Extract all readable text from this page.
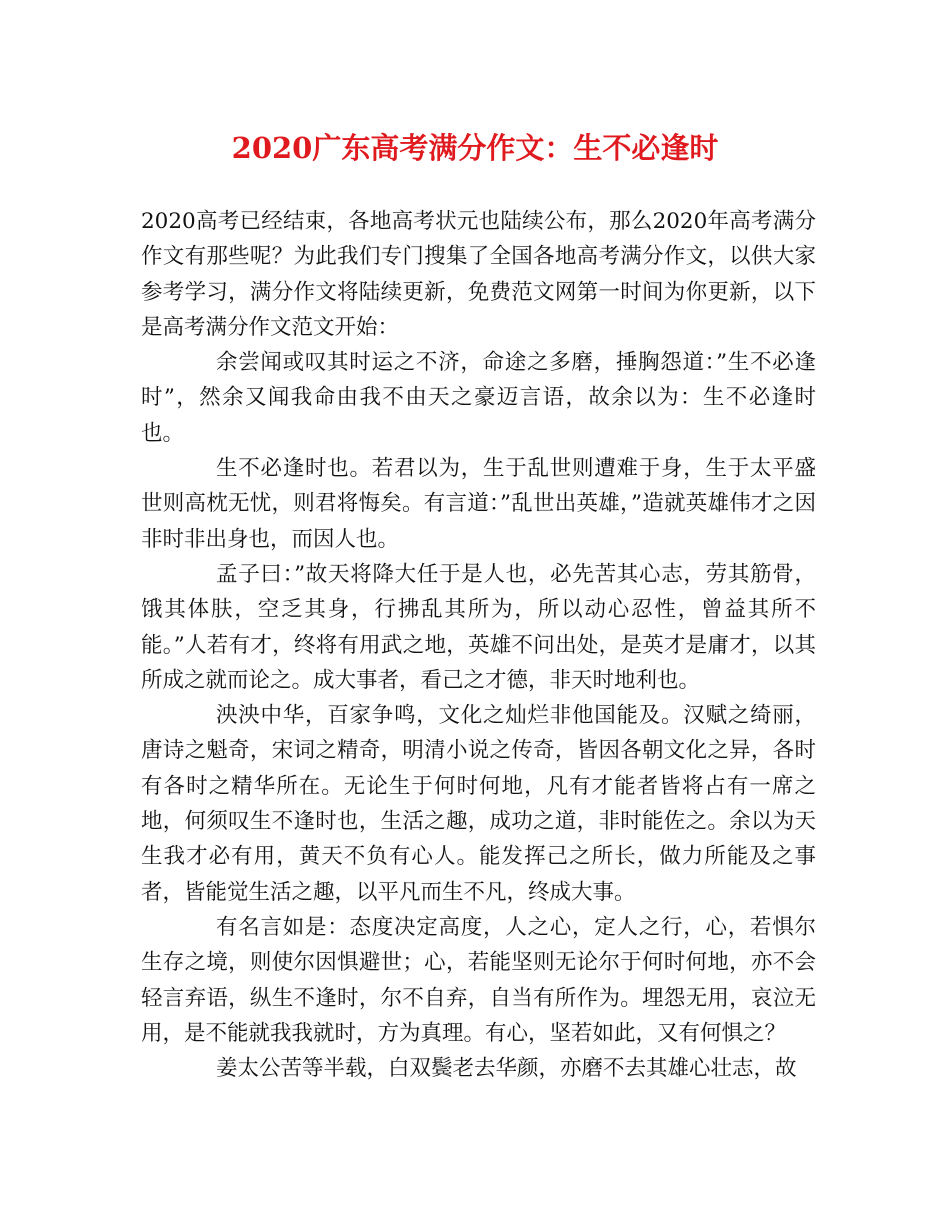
2020广东高考满分作文：生不必逢时

2020高考已经结束，各地高考状元也陆续公布，那么2020年高考满分作文有那些呢？为此我们专门搜集了全国各地高考满分作文，以供大家参考学习，满分作文将陆续更新，免费范文网第一时间为你更新，以下是高考满分作文范文开始：

余尝闻或叹其时运之不济，命途之多磨，捶胸怨道：”生不必逢时”，然余又闻我命由我不由天之豪迈言语，故余以为：生不必逢时也。

生不必逢时也。若君以为，生于乱世则遭难于身，生于太平盛世则高枕无忧，则君将悔矣。有言道：”乱世出英雄，”造就英雄伟才之因非时非出身也，而因人也。

孟子曰：”故天将降大任于是人也，必先苦其心志，劳其筋骨，饿其体肤，空乏其身，行拂乱其所为，所以动心忍性，曾益其所不能。”人若有才，终将有用武之地，英雄不问出处，是英才是庸才，以其所成之就而论之。成大事者，看己之才德，非天时地利也。

泱泱中华，百家争鸣，文化之灿烂非他国能及。汉赋之绮丽，唐诗之魁奇，宋词之精奇，明清小说之传奇，皆因各朝文化之异，各时有各时之精华所在。无论生于何时何地，凡有才能者皆将占有一席之地，何须叹生不逢时也，生活之趣，成功之道，非时能佐之。余以为天生我才必有用，黄天不负有心人。能发挥己之所长，做力所能及之事者，皆能觉生活之趣，以平凡而生不凡，终成大事。

有名言如是：态度决定高度，人之心，定人之行，心，若惧尔生存之境，则使尔因惧避世；心，若能坚则无论尔于何时何地，亦不会轻言弃语，纵生不逢时，尔不自弃，自当有所作为。埋怨无用，哀泣无用，是不能就我我就时，方为真理。有心，坚若如此，又有何惧之？

姜太公苦等半载，白双鬓老去华颜，亦磨不去其雄心壮志，故
